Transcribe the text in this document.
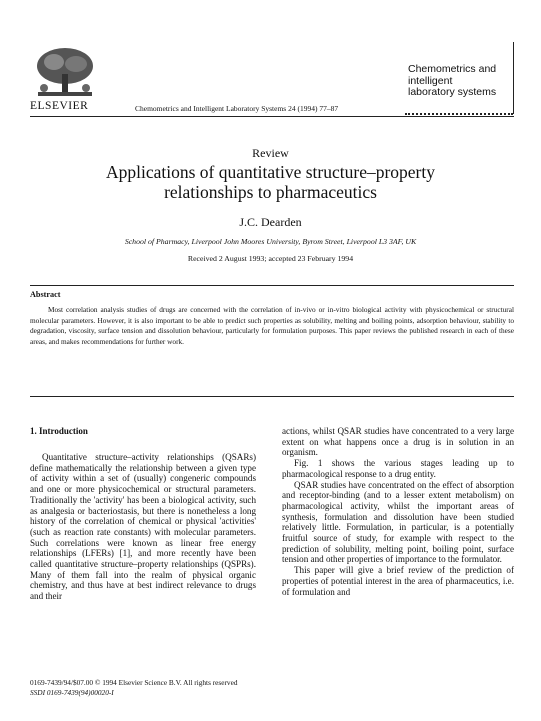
ELSEVIER	Chemometrics and Intelligent Laboratory Systems 24 (1994) 77–87
Chemometrics and
intelligent
laboratory systems
Review
Applications of quantitative structure–property
relationships to pharmaceutics
J.C. Dearden
School of Pharmacy, Liverpool John Moores University, Byrom Street, Liverpool L3 3AF, UK
Received 2 August 1993; accepted 23 February 1994
Abstract
Most correlation analysis studies of drugs are concerned with the correlation of in-vivo or in-vitro biological activity with physicochemical or structural molecular parameters. However, it is also important to be able to predict such properties as solubility, melting and boiling points, adsorption behaviour, stability to degradation, viscosity, surface tension and dissolution behaviour, particularly for formulation purposes. This paper reviews the published research in each of these areas, and makes recommendations for further work.
1. Introduction

Quantitative structure–activity relationships (QSARs) define mathematically the relationship between a given type of activity within a set of (usually) congeneric compounds and one or more physicochemical or structural parameters. Traditionally the 'activity' has been a biological activity, such as analgesia or bacteriostasis, but there is nonetheless a long history of the correlation of chemical or physical 'activities' (such as reaction rate constants) with molecular parameters. Such correlations were known as linear free energy relationships (LFERs) [1], and more recently have been called quantitative structure–property relationships (QSPRs). Many of them fall into the realm of physical organic chemistry, and thus have at best indirect relevance to drugs and their

actions, whilst QSAR studies have concentrated to a very large extent on what happens once a drug is in solution in an organism.

Fig. 1 shows the various stages leading up to pharmacological response to a drug entity.

QSAR studies have concentrated on the effect of absorption and receptor-binding (and to a lesser extent metabolism) on pharmacological activity, whilst the important areas of synthesis, formulation and dissolution have been studied relatively little. Formulation, in particular, is a potentially fruitful source of study, for example with respect to the prediction of solubility, melting point, boiling point, surface tension and other properties of importance to the formulator.

This paper will give a brief review of the prediction of properties of potential interest in the area of pharmaceutics, i.e. of formulation and

0169-7439/94/$07.00 © 1994 Elsevier Science B.V. All rights reserved
SSDI 0169-7439(94)00020-I
